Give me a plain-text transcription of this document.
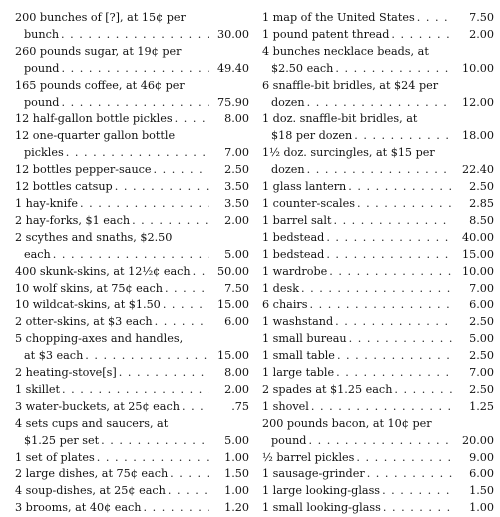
200 bunches of [?], at 15¢ per
bunch . . .	30.00
260 pounds sugar, at 19¢ per
pound . . .	49.40
165 pounds coffee, at 46¢ per
pound . . .	75.90
12 half-gallon bottle pickles . . .	8.00
12 one-quarter gallon bottle
pickles . . .	7.00
12 bottles pepper-sauce . . .	2.50
12 bottles catsup . . .	3.50
1 hay-knife . . .	3.50
2 hay-forks, $1 each . . .	2.00
2 scythes and snaths, $2.50
each . . .	5.00
400 skunk-skins, at 12½¢ each . . .	50.00
10 wolf skins, at 75¢ each . . .	7.50
10 wildcat-skins, at $1.50 . . .	15.00
2 otter-skins, at $3 each . . .	6.00
5 chopping-axes and handles,
at $3 each . . .	15.00
2 heating-stove[s] . . .	8.00
1 skillet . . .	2.00
3 water-buckets, at 25¢ each . . .	.75
4 sets cups and saucers, at
$1.25 per set . . .	5.00
1 set of plates . . .	1.00
2 large dishes, at 75¢ each . . .	1.50
4 soup-dishes, at 25¢ each . . .	1.00
3 brooms, at 40¢ each . . .	1.20
1 map of the United States . . .	7.50
1 pound patent thread . . .	2.00
4 bunches necklace beads, at
$2.50 each . . .	10.00
6 snaffle-bit bridles, at $24 per
dozen . . .	12.00
1 doz. snaffle-bit bridles, at
$18 per dozen . . .	18.00
1½ doz. surcingles, at $15 per
dozen . . .	22.40
1 glass lantern . . .	2.50
1 counter-scales . . .	2.85
1 barrel salt . . .	8.50
1 bedstead . . .	40.00
1 bedstead . . .	15.00
1 wardrobe . . .	10.00
1 desk . . .	7.00
6 chairs . . .	6.00
1 washstand . . .	2.50
1 small bureau . . .	5.00
1 small table . . .	2.50
1 large table . . .	7.00
2 spades at $1.25 each . . .	2.50
1 shovel . . .	1.25
200 pounds bacon, at 10¢ per
pound . . .	20.00
½ barrel pickles . . .	9.00
1 sausage-grinder . . .	6.00
1 large looking-glass . . .	1.50
1 small looking-glass . . .	1.00
